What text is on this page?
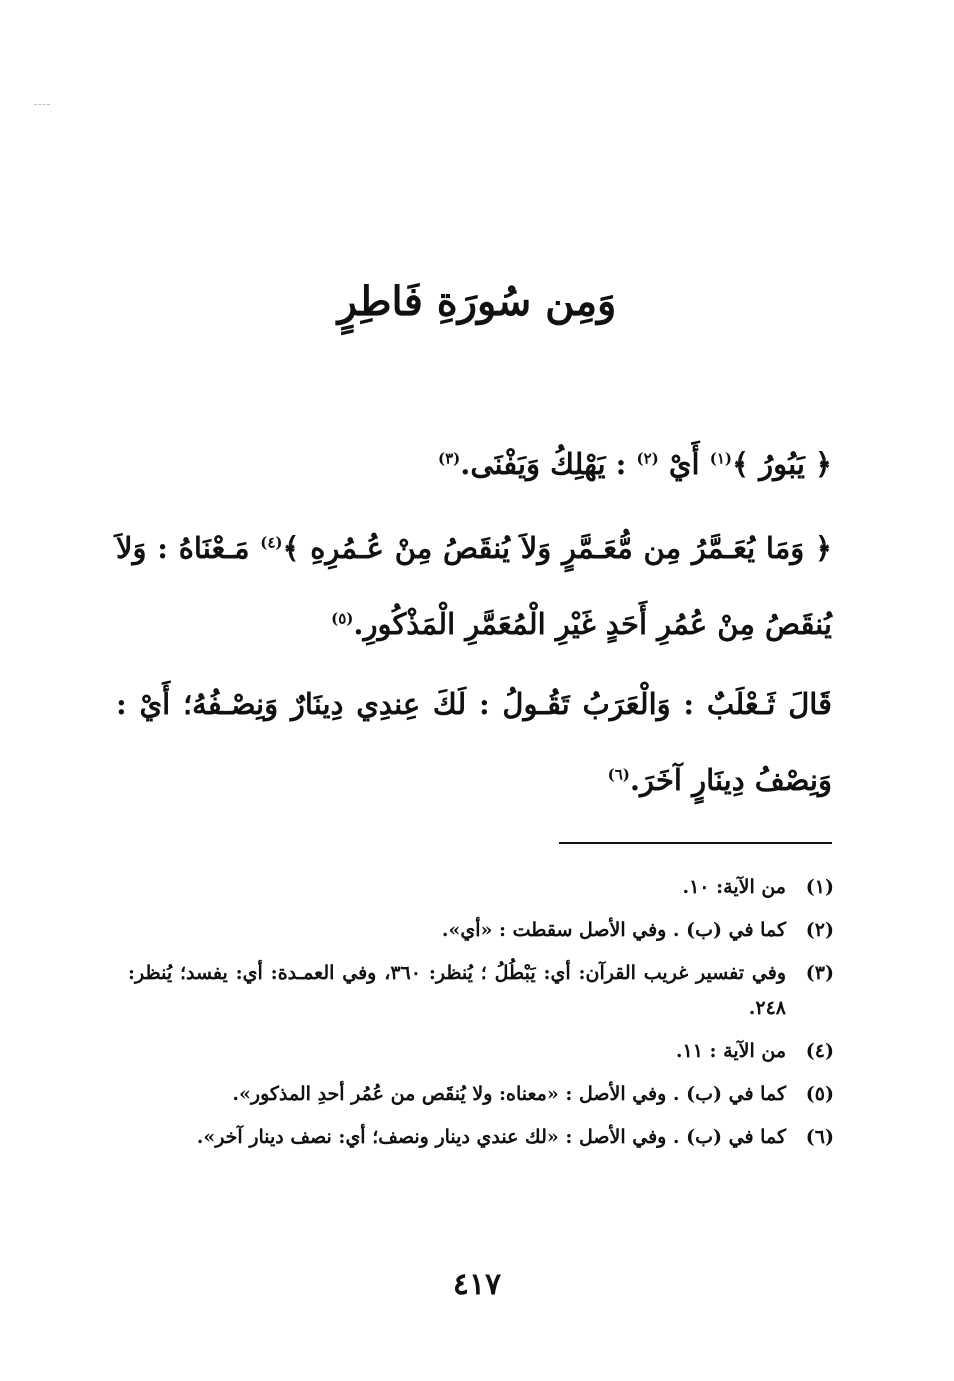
وَمِن سُورَةِ فَاطِرٍ
﴿ يَبُورُ ﴾$^{(١)}$ أَيْ $^{(٢)}$ : يَهْلِكُ وَيَفْنَى.$^{(٣)}$
﴿ وَمَا يُعَـمَّرُ مِن مُّعَـمَّرٍ وَلاَ يُنقَصُ مِنْ عُـمُرِهِ ﴾$^{(٤)}$ مَـعْنَاهُ : وَلاَ يُنقَصُ مِنْ عُمُرِ أَحَدٍ غَيْرِ الْمُعَمَّرِ الْمَذْكُورِ.$^{(٥)}$
قَالَ ثَـعْلَبٌ : وَالْعَرَبُ تَقُـولُ : لَكَ عِندِي دِينَارٌ وَنِصْـفُهُ؛ أَيْ : وَنِصْفُ دِينَارٍ آخَرَ.$^{(٦)}$
(١)
من الآية: ١٠.
(٢)
كما في (ب) . وفي الأصل سقطت : «أي».
(٣)
وفي تفسير غريب القرآن: أي: يَبْطُلُ ؛ يُنظر: ٣٦٠، وفي العمـدة: أي: يفسد؛ يُنظر: ٢٤٨.
(٤)
من الآية : ١١.
(٥)
كما في (ب) . وفي الأصل : «معناه: ولا يُنقَص من عُمُر أحدِ المذكور».
(٦)
كما في (ب) . وفي الأصل : «لك عندي دينار ونصف؛ أي: نصف دينار آخر».
٤١٧
